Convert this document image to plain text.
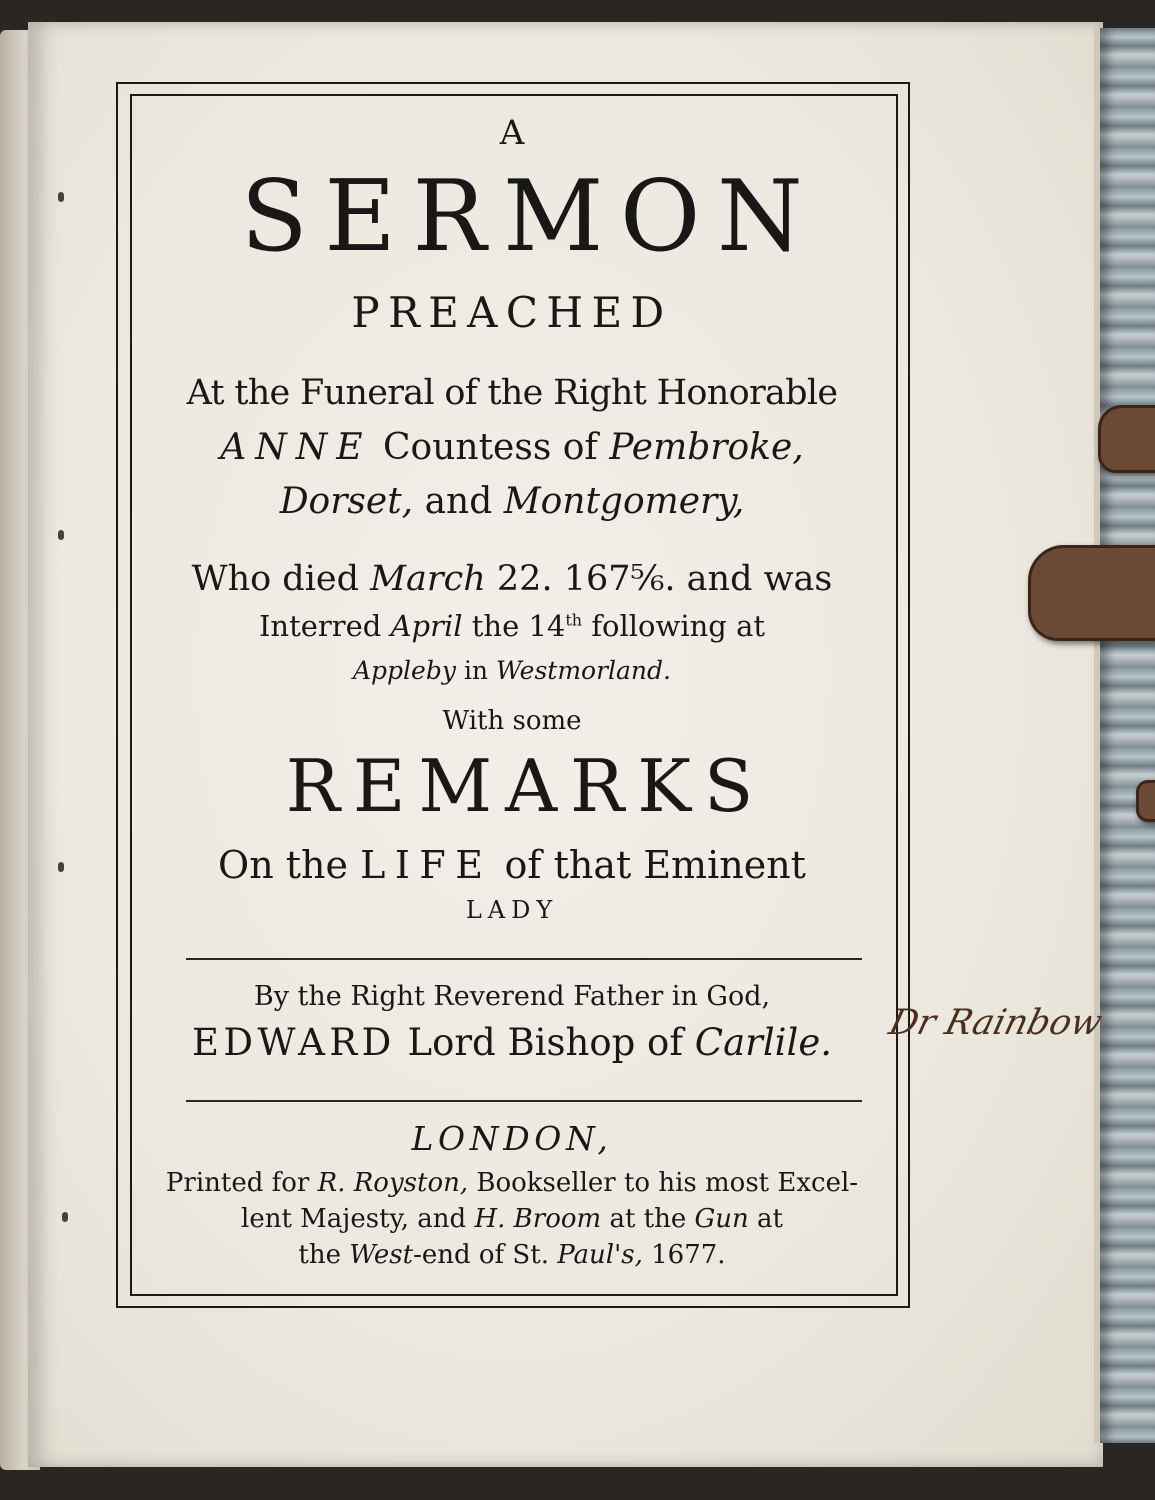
A
SERMON
PREACHED
At the Funeral of the Right Honorable
ANNE Countess of Pembroke,
Dorset, and Montgomery,
Who died March 22. 167⁵⁄₆. and was
Interred April the 14th following at
Appleby in Westmorland.
With some
REMARKS
On the LIFE of that Eminent
LADY
By the Right Reverend Father in God,
EDWARD Lord Bishop of Carlile.
LONDON,
Printed for R. Royston, Bookseller to his most Excel-
lent Majesty, and H. Broom at the Gun at
the West-end of St. Paul's, 1677.
Dr Rainbow
